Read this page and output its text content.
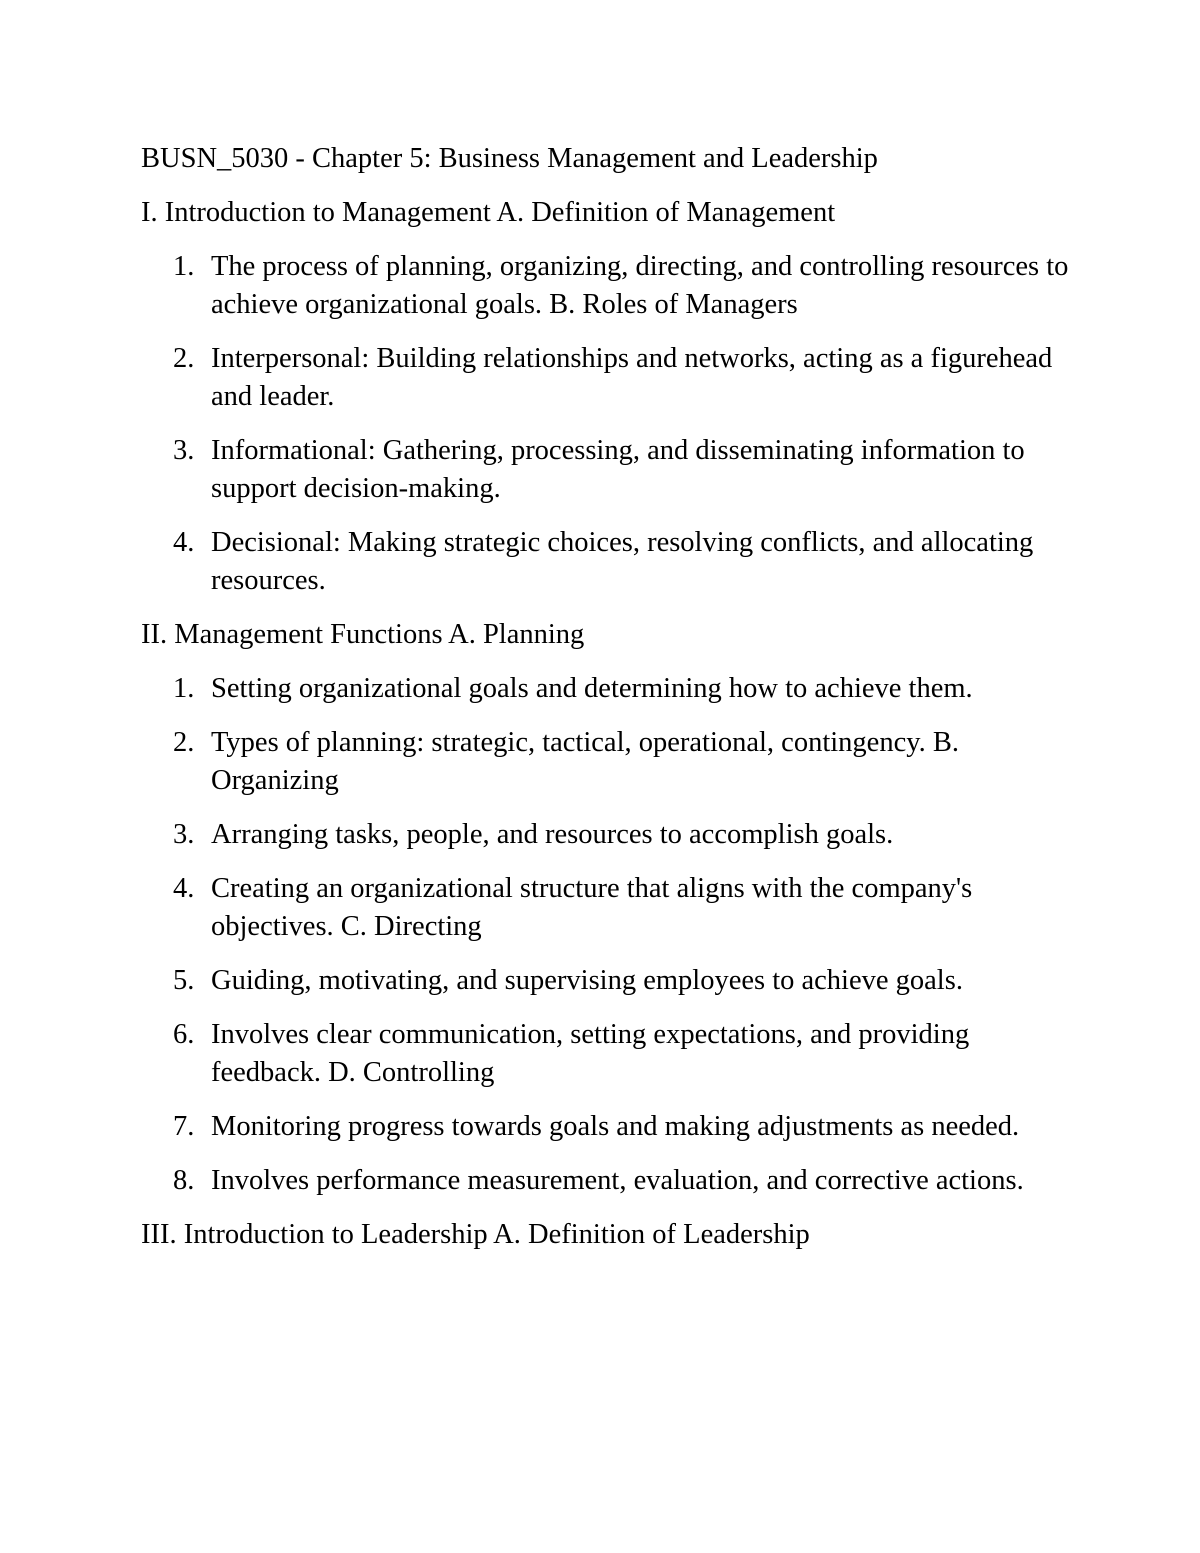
BUSN_5030 - Chapter 5: Business Management and Leadership

I. Introduction to Management A. Definition of Management

1. The process of planning, organizing, directing, and controlling resources to achieve organizational goals. B. Roles of Managers
2. Interpersonal: Building relationships and networks, acting as a figurehead and leader.
3. Informational: Gathering, processing, and disseminating information to support decision-making.
4. Decisional: Making strategic choices, resolving conflicts, and allocating resources.

II. Management Functions A. Planning

1. Setting organizational goals and determining how to achieve them.
2. Types of planning: strategic, tactical, operational, contingency. B. Organizing
3. Arranging tasks, people, and resources to accomplish goals.
4. Creating an organizational structure that aligns with the company's objectives. C. Directing
5. Guiding, motivating, and supervising employees to achieve goals.
6. Involves clear communication, setting expectations, and providing feedback. D. Controlling
7. Monitoring progress towards goals and making adjustments as needed.
8. Involves performance measurement, evaluation, and corrective actions.

III. Introduction to Leadership A. Definition of Leadership
